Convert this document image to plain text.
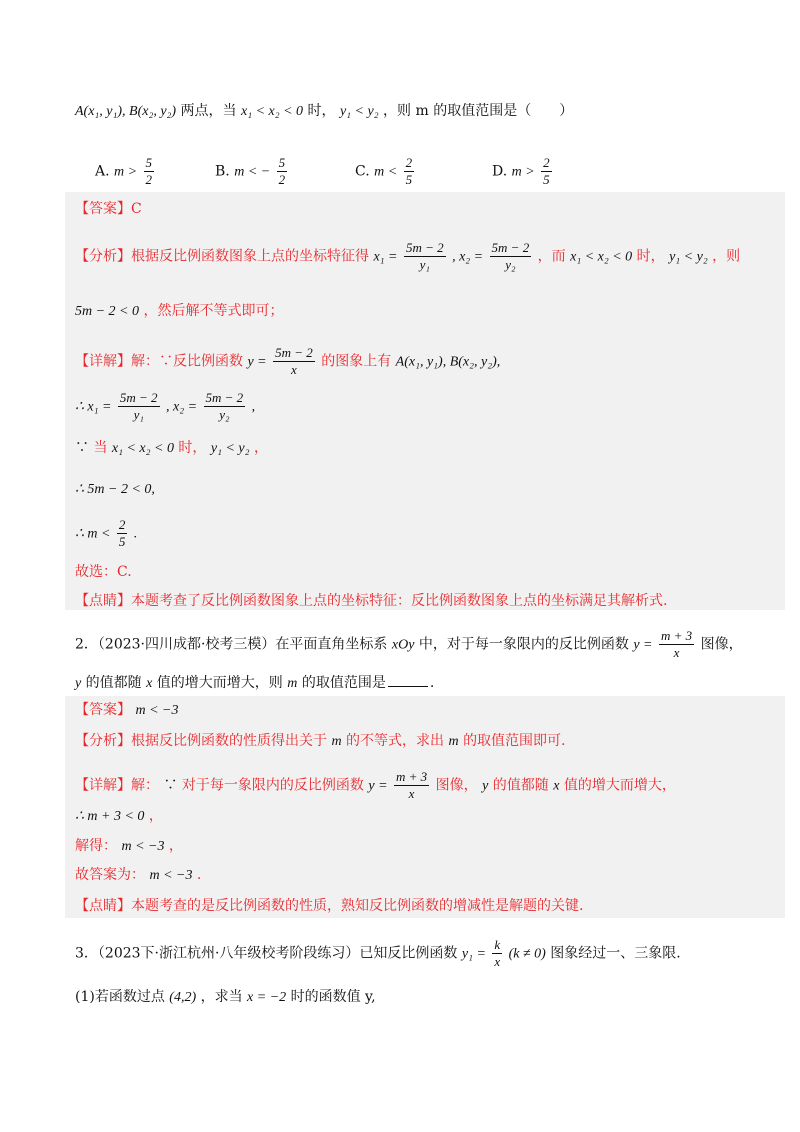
A(x₁, y₁), B(x₂, y₂) 两点，当 x₁ < x₂ < 0 时， y₁ < y₂ ，则 m 的取值范围是（　　）
A. $m > \frac{5}{2}$	B. m < − $\frac{5}{2}$	C. $m < \frac{2}{5}$	D. $m > \frac{2}{5}$
【答案】C
【分析】根据反比例函数图象上点的坐标特征得 $x_1 = \frac{5m - 2}{\text{y₁}}$ , $x_2 = \frac{5m - 2}{\text{y₂}}$ ，而 x₁ < x₂ < 0 时， y₁ < y₂ ，则
5m − 2 < 0 ，然后解不等式即可；
【详解】解：∵反比例函数 $y = \frac{5m - 2}{x}$ 的图象上有 A(x₁, y₁), B(x₂, y₂),
∴ $x_1 = \frac{5m - 2}{\text{y₁}}$ , $x_2 = \frac{5m - 2}{\text{y₂}}$ ,
∵ 当 x₁ < x₂ < 0 时， y₁ < y₂ ，
∴ 5m − 2 < 0,
∴ $m < \frac{2}{5}$ .
故选：C.
【点睛】本题考查了反比例函数图象上点的坐标特征：反比例函数图象上点的坐标满足其解析式.
2．（2023·四川成都·校考三模）在平面直角坐标系 xOy 中，对于每一象限内的反比例函数 $y = \frac{m + 3}{x}$ 图像，
y 的值都随 x 值的增大而增大，则 m 的取值范围是	.
【答案】 m < −3
【分析】根据反比例函数的性质得出关于 m 的不等式，求出 m 的取值范围即可.
【详解】解： ∵ 对于每一象限内的反比例函数 $y = \frac{m + 3}{x}$ 图像， y 的值都随 x 值的增大而增大，
∴ m + 3 < 0 ，
解得： m < −3 ，
故答案为： m < −3 .
【点睛】本题考查的是反比例函数的性质，熟知反比例函数的增减性是解题的关键.
3．（2023下·浙江杭州·八年级校考阶段练习）已知反比例函数 $y_1 = \frac{k}{x} (k \ne 0)$ 图象经过一、三象限.
(1)若函数过点 (4,2) ，求当 x = −2 时的函数值 y,
